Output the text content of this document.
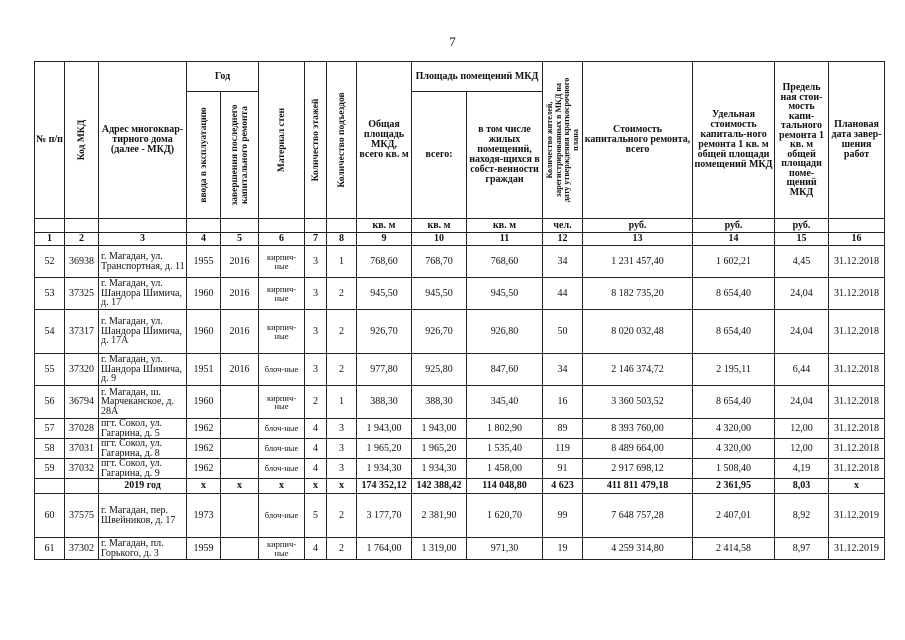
7
№ п/п	Код МКД	Адрес многоквар-тирного дома (далее - МКД)	Год		Материал стен	Количество этажей	Количество подъездов	Общая площадь МКД, всего кв. м	Площадь помещений МКД		Количество жителей, зарегистрированных в МКД на дату утверждения краткосрочного плана	Стоимость капитального ремонта, всего	Удельная стоимость капиталь-ного ремонта 1 кв. м общей площади помещений МКД	Предель ная стои-мость капи-тального ремонта 1 кв. м общей площади поме-щений МКД	Плановая дата завер-шения работ

			ввода в эксплуатацию	завершения последнего капитального ремонта					всего:	в том числе жилых помещений, находя-щихся в собст-венности граждан					

								кв. м	кв. м	кв. м	чел.	руб.	руб.	руб.	
1	2	3	4	5	6	7	8	9	10	11	12	13	14	15	16
52	36938	г. Магадан, ул. Транспортная, д. 11	1955	2016	кирпич-ные	3	1	768,60	768,70	768,60	34	1 231 457,40	1 602,21	4,45	31.12.2018
53	37325	г. Магадан, ул. Шандора Шимича, д. 17	1960	2016	кирпич-ные	3	2	945,50	945,50	945,50	44	8 182 735,20	8 654,40	24,04	31.12.2018
54	37317	г. Магадан, ул. Шандора Шимича, д. 17А	1960	2016	кирпич-ные	3	2	926,70	926,70	926,80	50	8 020 032,48	8 654,40	24,04	31.12.2018
55	37320	г. Магадан, ул. Шандора Шимича, д. 9	1951	2016	блоч-ные	3	2	977,80	925,80	847,60	34	2 146 374,72	2 195,11	6,44	31.12.2018
56	36794	г. Магадан, ш. Марчеканское, д. 28А	1960		кирпич-ные	2	1	388,30	388,30	345,40	16	3 360 503,52	8 654,40	24,04	31.12.2018
57	37028	пгт. Сокол, ул. Гагарина, д. 5	1962		блоч-ные	4	3	1 943,00	1 943,00	1 802,90	89	8 393 760,00	4 320,00	12,00	31.12.2018
58	37031	пгт. Сокол, ул. Гагарина, д. 8	1962		блоч-ные	4	3	1 965,20	1 965,20	1 535,40	119	8 489 664,00	4 320,00	12,00	31.12.2018
59	37032	пгт. Сокол, ул. Гагарина, д. 9	1962		блоч-ные	4	3	1 934,30	1 934,30	1 458,00	91	2 917 698,12	1 508,40	4,19	31.12.2018
		2019 год	х	х	х	х	х	174 352,12	142 388,42	114 048,80	4 623	411 811 479,18	2 361,95	8,03	х
60	37575	г. Магадан, пер. Швейников, д. 17	1973		блоч-ные	5	2	3 177,70	2 381,90	1 620,70	99	7 648 757,28	2 407,01	8,92	31.12.2019
61	37302	г. Магадан, пл. Горького, д. 3	1959		кирпич-ные	4	2	1 764,00	1 319,00	971,30	19	4 259 314,80	2 414,58	8,97	31.12.2019
